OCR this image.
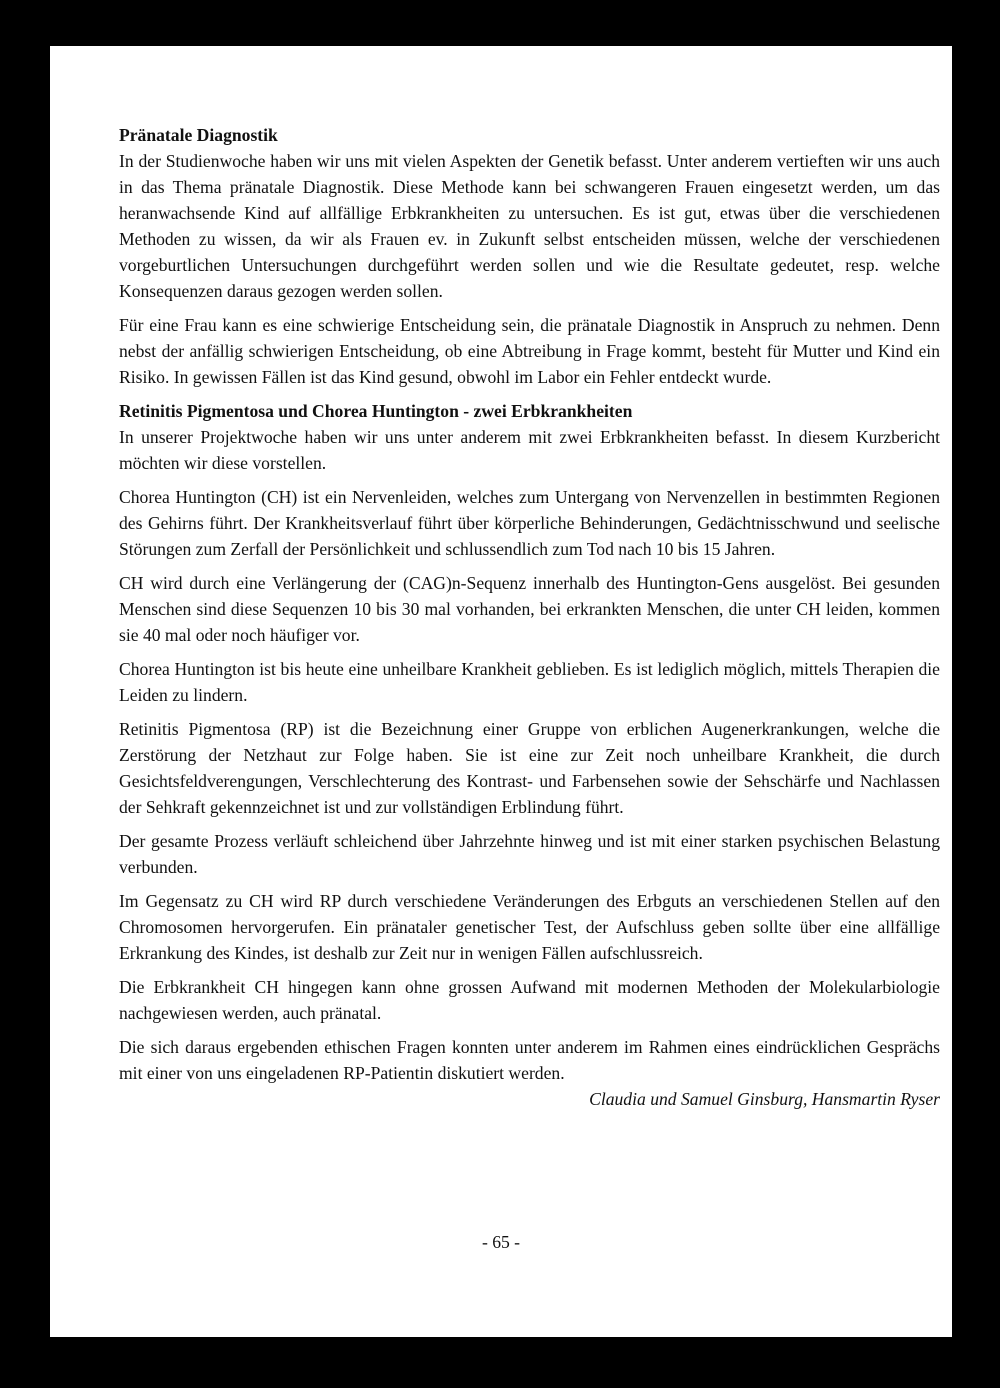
Pränatale Diagnostik

In der Studienwoche haben wir uns mit vielen Aspekten der Genetik befasst. Unter anderem vertieften wir uns auch in das Thema pränatale Diagnostik. Diese Methode kann bei schwangeren Frauen eingesetzt werden, um das heranwachsende Kind auf allfällige Erbkrankheiten zu untersuchen. Es ist gut, etwas über die verschiedenen Methoden zu wissen, da wir als Frauen ev. in Zukunft selbst entscheiden müssen, welche der verschiedenen vorgeburtlichen Untersuchungen durchgeführt werden sollen und wie die Resultate gedeutet, resp. welche Konsequenzen daraus gezogen werden sollen.

Für eine Frau kann es eine schwierige Entscheidung sein, die pränatale Diagnostik in Anspruch zu nehmen. Denn nebst der anfällig schwierigen Entscheidung, ob eine Abtreibung in Frage kommt, besteht für Mutter und Kind ein Risiko. In gewissen Fällen ist das Kind gesund, obwohl im Labor ein Fehler entdeckt wurde.

Retinitis Pigmentosa und Chorea Huntington - zwei Erbkrankheiten

In unserer Projektwoche haben wir uns unter anderem mit zwei Erbkrankheiten befasst. In diesem Kurzbericht möchten wir diese vorstellen.

Chorea Huntington (CH) ist ein Nervenleiden, welches zum Untergang von Nervenzellen in bestimmten Regionen des Gehirns führt. Der Krankheitsverlauf führt über körperliche Behinderungen, Gedächtnisschwund und seelische Störungen zum Zerfall der Persönlichkeit und schlussendlich zum Tod nach 10 bis 15 Jahren.

CH wird durch eine Verlängerung der (CAG)n-Sequenz innerhalb des Huntington-Gens ausgelöst. Bei gesunden Menschen sind diese Sequenzen 10 bis 30 mal vorhanden, bei erkrankten Menschen, die unter CH leiden, kommen sie 40 mal oder noch häufiger vor.

Chorea Huntington ist bis heute eine unheilbare Krankheit geblieben. Es ist lediglich möglich, mittels Therapien die Leiden zu lindern.

Retinitis Pigmentosa (RP) ist die Bezeichnung einer Gruppe von erblichen Augenerkrankungen, welche die Zerstörung der Netzhaut zur Folge haben. Sie ist eine zur Zeit noch unheilbare Krankheit, die durch Gesichtsfeldverengungen, Verschlechterung des Kontrast- und Farbensehen sowie der Sehschärfe und Nachlassen der Sehkraft gekennzeichnet ist und zur vollständigen Erblindung führt.

Der gesamte Prozess verläuft schleichend über Jahrzehnte hinweg und ist mit einer starken psychischen Belastung verbunden.

Im Gegensatz zu CH wird RP durch verschiedene Veränderungen des Erbguts an verschiedenen Stellen auf den Chromosomen hervorgerufen. Ein pränataler genetischer Test, der Aufschluss geben sollte über eine allfällige Erkrankung des Kindes, ist deshalb zur Zeit nur in wenigen Fällen aufschlussreich.

Die Erbkrankheit CH hingegen kann ohne grossen Aufwand mit modernen Methoden der Molekularbiologie nachgewiesen werden, auch pränatal.

Die sich daraus ergebenden ethischen Fragen konnten unter anderem im Rahmen eines eindrücklichen Gesprächs mit einer von uns eingeladenen RP-Patientin diskutiert werden.

Claudia und Samuel Ginsburg, Hansmartin Ryser

- 65 -
